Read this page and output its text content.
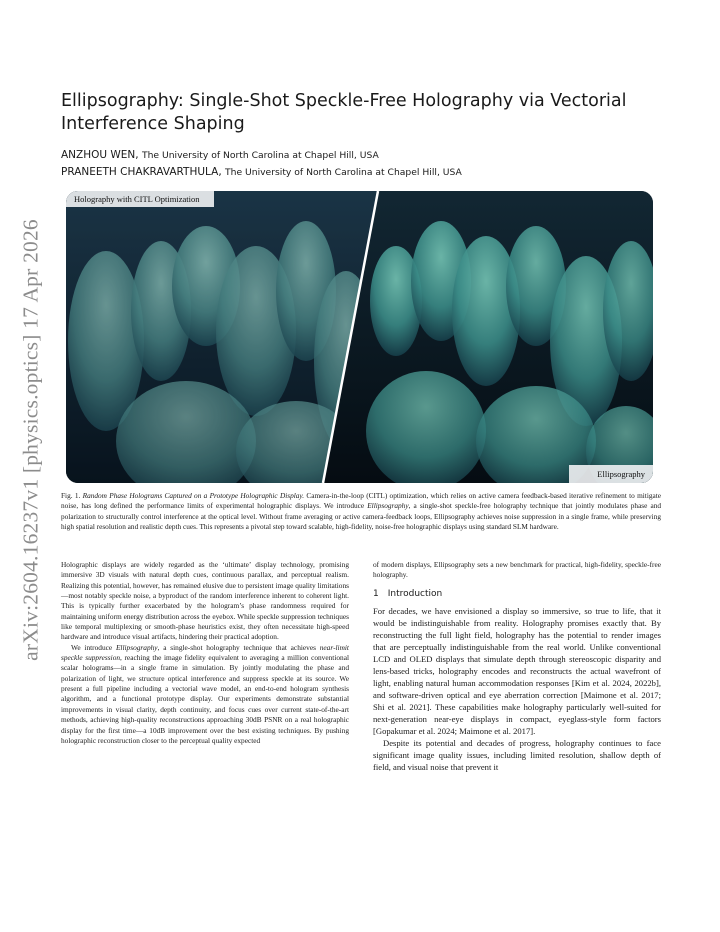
arXiv:2604.16237v1 [physics.optics] 17 Apr 2026
Ellipsography: Single-Shot Speckle-Free Holography via Vectorial Interference Shaping
ANZHOU WEN, The University of North Carolina at Chapel Hill, USA
PRANEETH CHAKRAVARTHULA, The University of North Carolina at Chapel Hill, USA
Holography with CITL Optimization
Ellipsography
Fig. 1. Random Phase Holograms Captured on a Prototype Holographic Display. Camera-in-the-loop (CITL) optimization, which relies on active camera feedback-based iterative refinement to mitigate noise, has long defined the performance limits of experimental holographic displays. We introduce Ellipsography, a single-shot speckle-free holography technique that jointly modulates phase and polarization to structurally control interference at the optical level. Without frame averaging or active camera-feedback loops, Ellipsography achieves noise suppression in a single frame, while preserving high spatial resolution and realistic depth cues. This represents a pivotal step toward scalable, high-fidelity, noise-free holographic displays using standard SLM hardware.

Holographic displays are widely regarded as the ‘ultimate’ display technology, promising immersive 3D visuals with natural depth cues, continuous parallax, and perceptual realism. Realizing this potential, however, has remained elusive due to persistent image quality limitations—most notably speckle noise, a byproduct of the random interference inherent to coherent light. This is typically further exacerbated by the hologram’s phase randomness required for maintaining uniform energy distribution across the eyebox. While speckle suppression techniques like temporal multiplexing or smooth-phase heuristics exist, they often necessitate high-speed hardware and introduce visual artifacts, hindering their practical adoption.

We introduce Ellipsography, a single-shot holography technique that achieves near-limit speckle suppression, reaching the image fidelity equivalent to averaging a million conventional scalar holograms—in a single frame in simulation. By jointly modulating the phase and polarization of light, we structure optical interference and suppress speckle at its source. We present a full pipeline including a vectorial wave model, an end-to-end hologram synthesis algorithm, and a functional prototype display. Our experiments demonstrate substantial improvements in visual clarity, depth continuity, and focus cues over current state-of-the-art methods, achieving high-quality reconstructions approaching 30dB PSNR on a real holographic display for the first time—a 10dB improvement over the best existing techniques. By pushing holographic reconstruction closer to the perceptual quality expected

of modern displays, Ellipsography sets a new benchmark for practical, high-fidelity, speckle-free holography.

1 Introduction

For decades, we have envisioned a display so immersive, so true to life, that it would be indistinguishable from reality. Holography promises exactly that. By reconstructing the full light field, holography has the potential to render images that are perceptually indistinguishable from the real world. Unlike conventional LCD and OLED displays that simulate depth through stereoscopic disparity and lens-based tricks, holography encodes and reconstructs the actual wavefront of light, enabling natural human accommodation responses [Kim et al. 2024, 2022b], and software-driven optical and eye aberration correction [Maimone et al. 2017; Shi et al. 2021]. These capabilities make holography particularly well-suited for next-generation near-eye displays in compact, eyeglass-style form factors [Gopakumar et al. 2024; Maimone et al. 2017].

Despite its potential and decades of progress, holography continues to face significant image quality issues, including limited resolution, shallow depth of field, and visual noise that prevent it
